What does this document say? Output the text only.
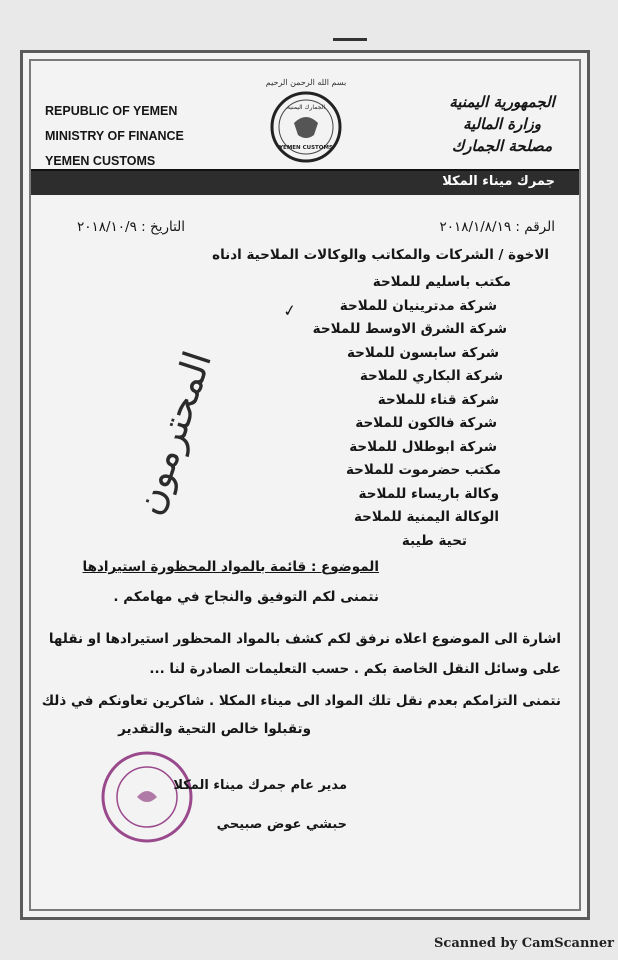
REPUBLIC OF YEMEN
MINISTRY OF FINANCE
YEMEN CUSTOMS
بسم الله الرحمن الرحيم
الجمارك اليمنية
YEMEN CUSTOMS
الجمهورية اليمنية
وزارة المالية
مصلحة الجمارك
جمرك ميناء المكلا
الرقم : ٢٠١٨/١/٨/١٩
التاريخ : ٢٠١٨/١٠/٩
الاخوة / الشركات والمكاتب والوكالات الملاحية ادناه
مكتب باسليم للملاحة
شركة مدترينيان للملاحة
شركة الشرق الاوسط للملاحة
شركة سابسون للملاحة
شركة البكاري للملاحة
شركة قناء للملاحة
شركة فالكون للملاحة
شركة ابوطلال للملاحة
مكتب حضرموت للملاحة
وكالة باريساء للملاحة
الوكالة اليمنية للملاحة
تحية طيبة
✓
المحترمون
الموضوع : قائمة بالمواد المحظورة استيرادها
نتمنى لكم التوفيق والنجاح في مهامكم .
اشارة الى الموضوع اعلاه نرفق لكم كشف بالمواد المحظور استيرادها او نقلها على وسائل النقل الخاصة بكم . حسب التعليمات الصادرة لنا ...
نتمنى التزامكم بعدم نقل تلك المواد الى ميناء المكلا . شاكرين تعاونكم في ذلك
وتقبلوا خالص التحية والتقدير
مدير عام جمرك ميناء المكلا
حبشي عوض صبيحي
Scanned by CamScanner
